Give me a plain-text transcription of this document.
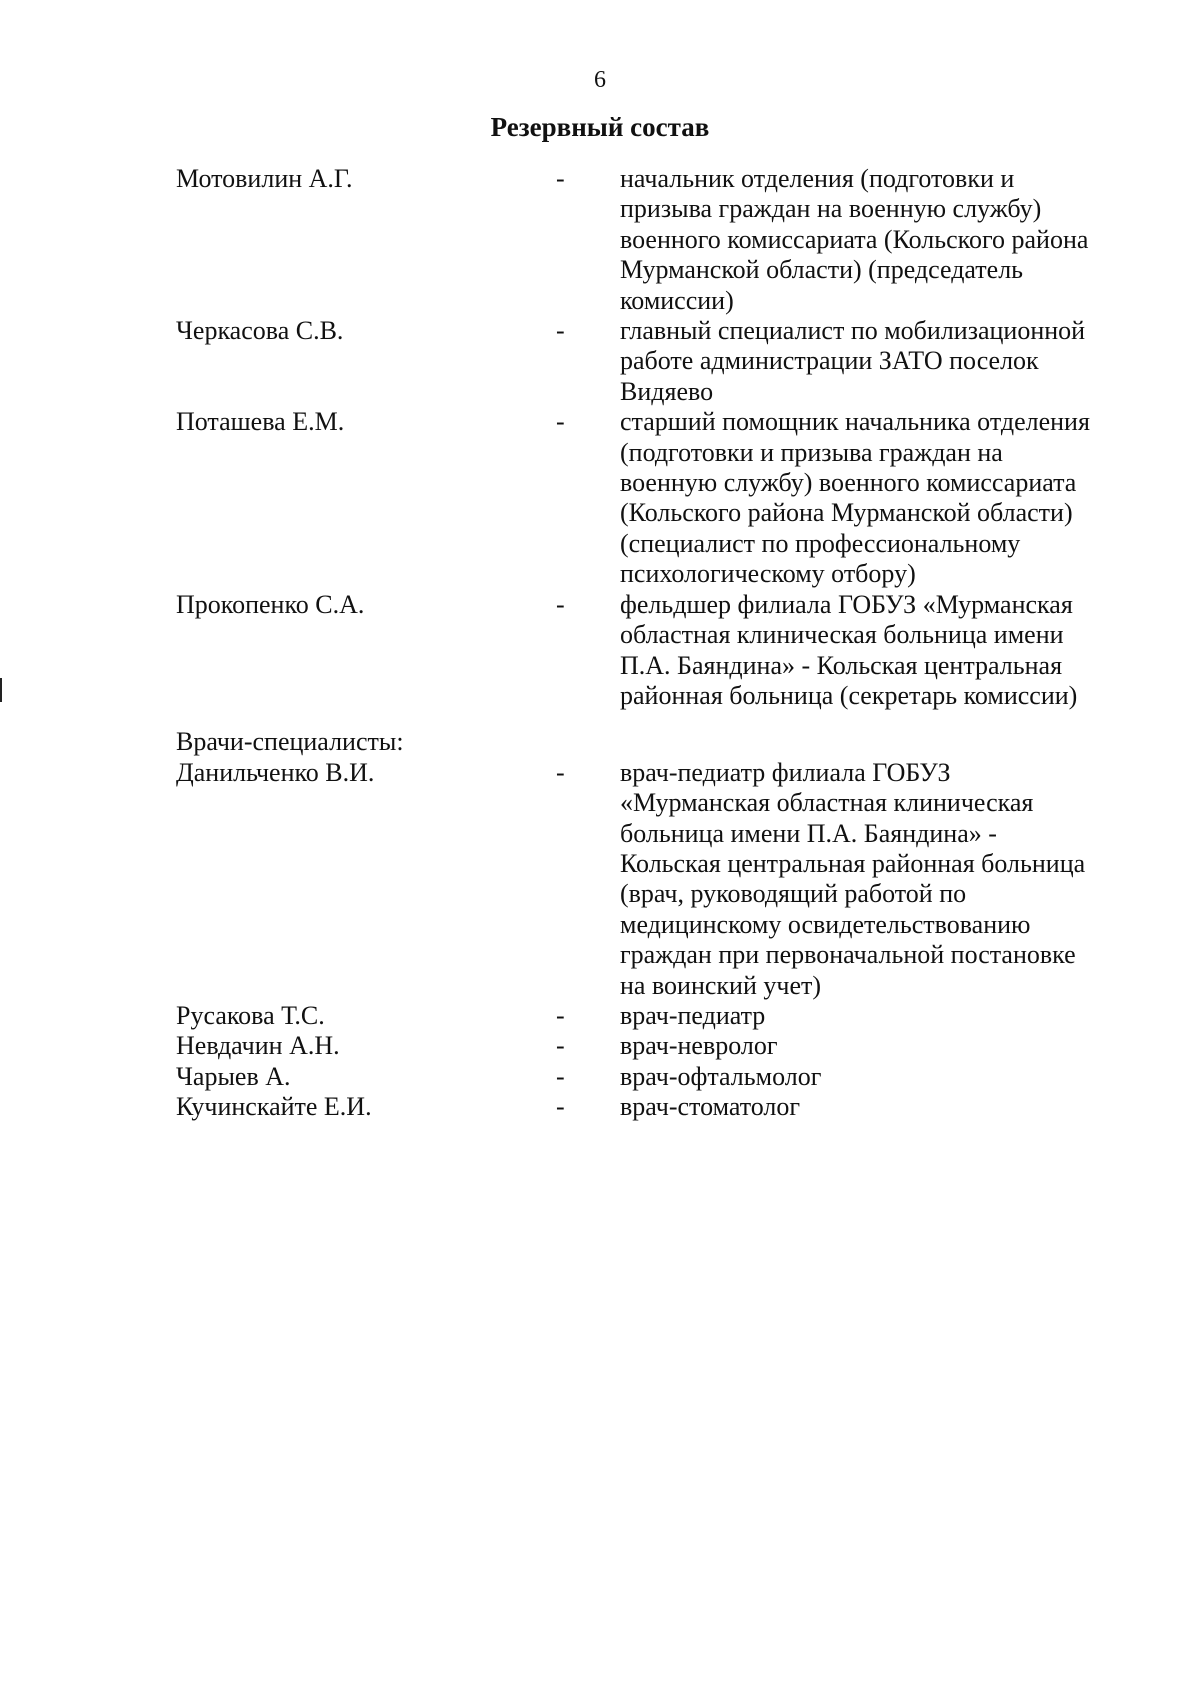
6
Резервный состав
Мотовилин А.Г.	- начальник отделения (подготовки и
призыва граждан на военную службу)
военного комиссариата (Кольского района
Мурманской области) (председатель
комиссии)
Черкасова С.В.	- главный специалист по мобилизационной
работе администрации ЗАТО поселок
Видяево
Поташева Е.М.	- старший помощник начальника отделения
(подготовки и призыва граждан на
военную службу) военного комиссариата
(Кольского района Мурманской области)
(специалист по профессиональному
психологическому отбору)
Прокопенко С.А.	- фельдшер филиала ГОБУЗ «Мурманская
областная клиническая больница имени
П.А. Баяндина» - Кольская центральная
районная больница (секретарь комиссии)
Врачи-специалисты:
Данильченко В.И.	- врач-педиатр филиала ГОБУЗ
«Мурманская областная клиническая
больница имени П.А. Баяндина» -
Кольская центральная районная больница
(врач, руководящий работой по
медицинскому освидетельствованию
граждан при первоначальной постановке
на воинский учет)
Русакова Т.С.	- врач-педиатр
Невдачин А.Н.	- врач-невролог
Чарыев А.	- врач-офтальмолог
Кучинскайте Е.И.	- врач-стоматолог
